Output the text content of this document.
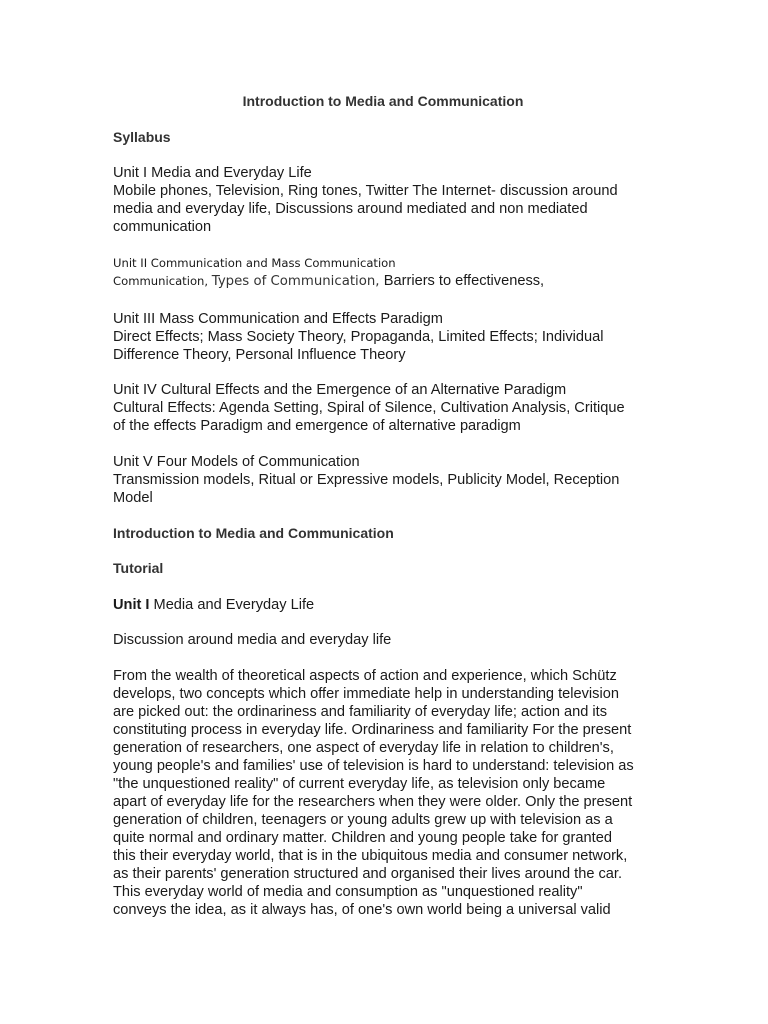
Introduction to Media and Communication
Syllabus
Unit I Media and Everyday Life
Mobile phones, Television, Ring tones, Twitter The Internet- discussion around
media and everyday life, Discussions around mediated and non mediated
communication
Unit II Communication and Mass Communication
Communication, Types of Communication, Barriers to effectiveness,
Unit III Mass Communication and Effects Paradigm
Direct Effects; Mass Society Theory, Propaganda, Limited Effects; Individual
Difference Theory, Personal Influence Theory
Unit IV Cultural Effects and the Emergence of an Alternative Paradigm
Cultural Effects: Agenda Setting, Spiral of Silence, Cultivation Analysis, Critique
of the effects Paradigm and emergence of alternative paradigm
Unit V Four Models of Communication
Transmission models, Ritual or Expressive models, Publicity Model, Reception
Model
Introduction to Media and Communication
Tutorial
Unit I Media and Everyday Life
Discussion around media and everyday life
From the wealth of theoretical aspects of action and experience, which Schütz
develops, two concepts which offer immediate help in understanding television
are picked out: the ordinariness and familiarity of everyday life; action and its
constituting process in everyday life. Ordinariness and familiarity For the present
generation of researchers, one aspect of everyday life in relation to children's,
young people's and families' use of television is hard to understand: television as
"the unquestioned reality" of current everyday life, as television only became
apart of everyday life for the researchers when they were older. Only the present
generation of children, teenagers or young adults grew up with television as a
quite normal and ordinary matter. Children and young people take for granted
this their everyday world, that is in the ubiquitous media and consumer network,
as their parents' generation structured and organised their lives around the car.
This everyday world of media and consumption as "unquestioned reality"
conveys the idea, as it always has, of one's own world being a universal valid
